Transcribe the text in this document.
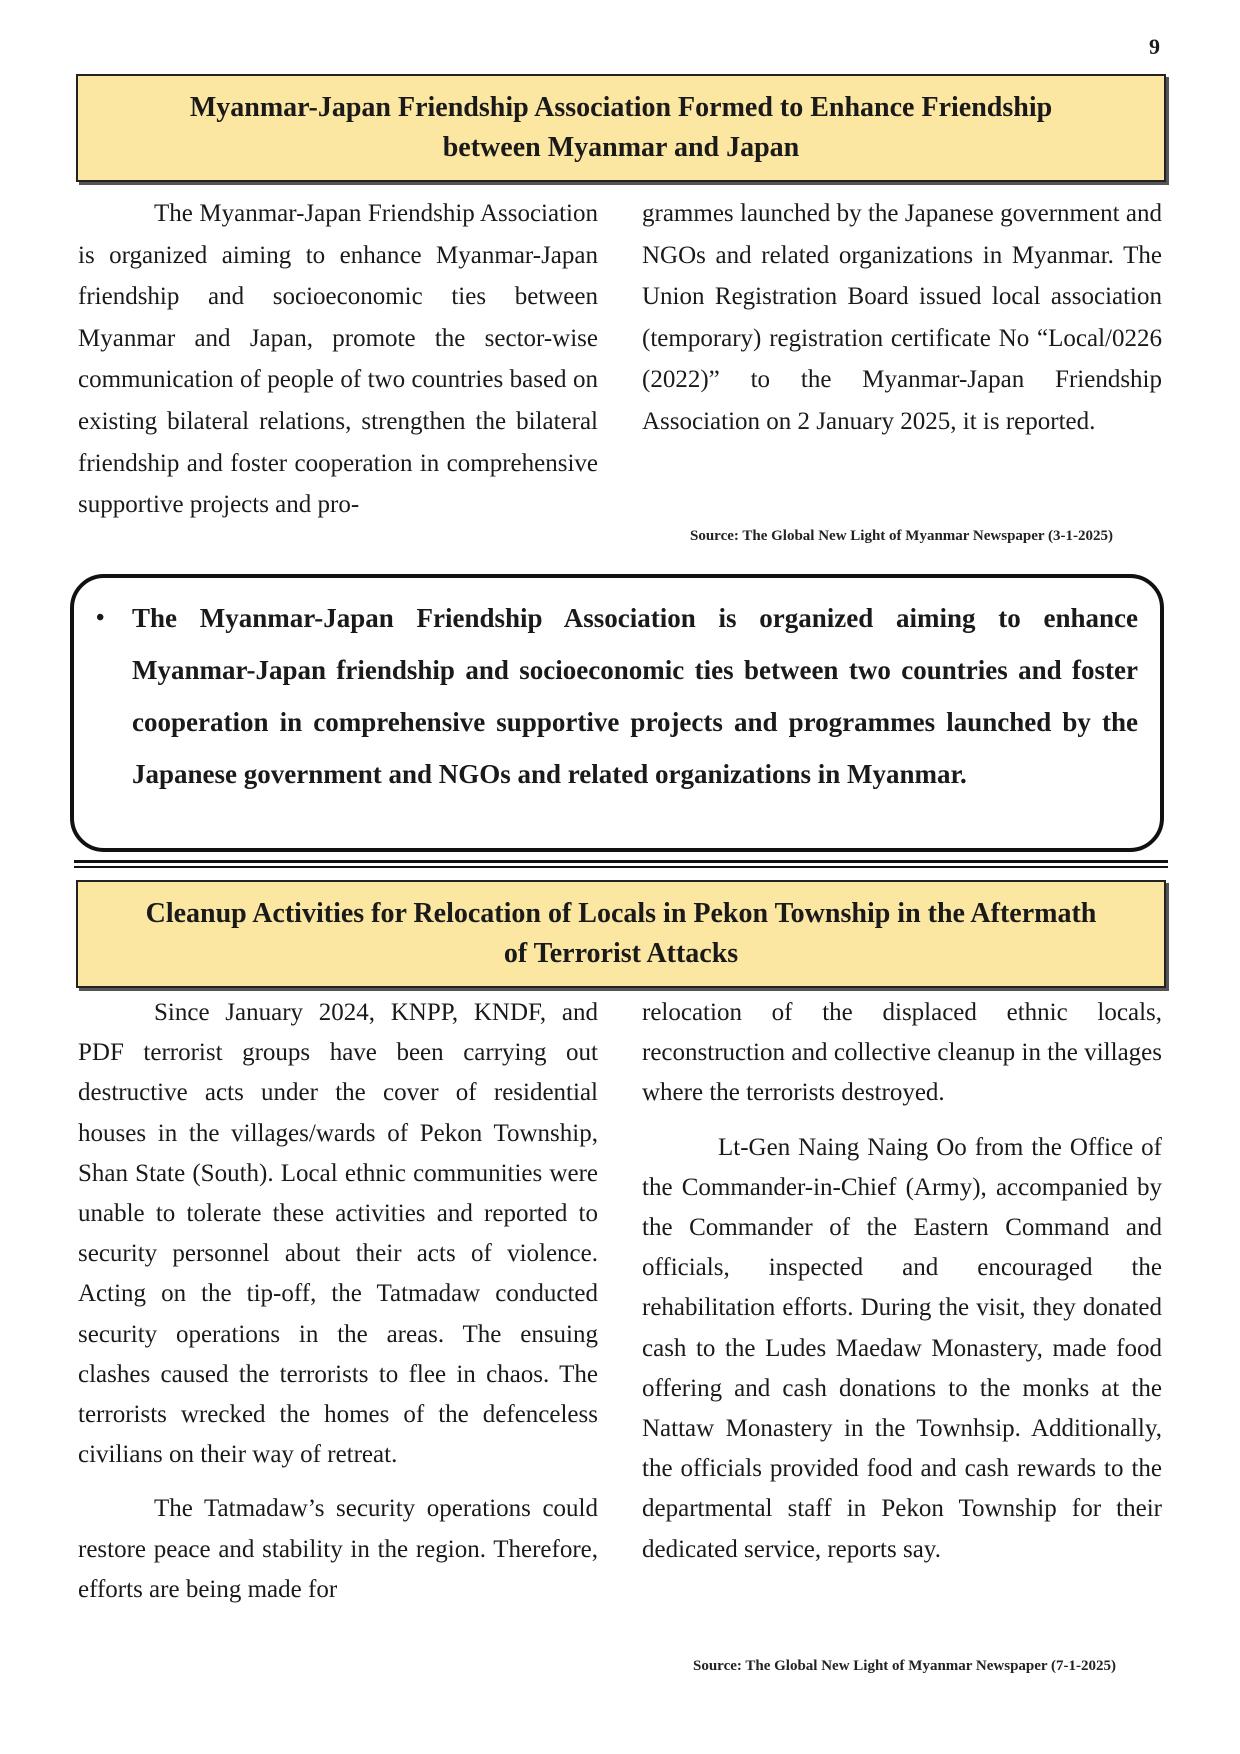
9
Myanmar-Japan Friendship Association Formed to Enhance Friendship
between Myanmar and Japan

The Myanmar-Japan Friendship Association is organized aiming to enhance Myanmar-Japan friendship and socioeconomic ties between Myanmar and Japan, promote the sector-wise communication of people of two countries based on existing bilateral relations, strengthen the bilateral friendship and foster cooperation in comprehensive supportive projects and pro-

grammes launched by the Japanese government and NGOs and related organizations in Myanmar. The Union Registration Board issued local association (temporary) registration certificate No “Local/0226 (2022)” to the Myanmar-Japan Friendship Association on 2 January 2025, it is reported.

Source: The Global New Light of Myanmar Newspaper (3-1-2025)
• The Myanmar-Japan Friendship Association is organized aiming to enhance Myanmar-Japan friendship and socioeconomic ties between two countries and foster cooperation in comprehensive supportive projects and programmes launched by the Japanese government and NGOs and related organizations in Myanmar.
Cleanup Activities for Relocation of Locals in Pekon Township in the Aftermath
of Terrorist Attacks

Since January 2024, KNPP, KNDF, and PDF terrorist groups have been carrying out destructive acts under the cover of residential houses in the villages/wards of Pekon Township, Shan State (South). Local ethnic communities were unable to tolerate these activities and reported to security personnel about their acts of violence. Acting on the tip-off, the Tatmadaw conducted security operations in the areas. The ensuing clashes caused the terrorists to flee in chaos. The terrorists wrecked the homes of the defenceless civilians on their way of retreat.

The Tatmadaw’s security operations could restore peace and stability in the region. Therefore, efforts are being made for

relocation of the displaced ethnic locals, reconstruction and collective cleanup in the villages where the terrorists destroyed.

Lt-Gen Naing Naing Oo from the Office of the Commander-in-Chief (Army), accompanied by the Commander of the Eastern Command and officials, inspected and encouraged the rehabilitation efforts. During the visit, they donated cash to the Ludes Maedaw Monastery, made food offering and cash donations to the monks at the Nattaw Monastery in the Townhsip. Additionally, the officials provided food and cash rewards to the departmental staff in Pekon Township for their dedicated service, reports say.

Source: The Global New Light of Myanmar Newspaper (7-1-2025)
